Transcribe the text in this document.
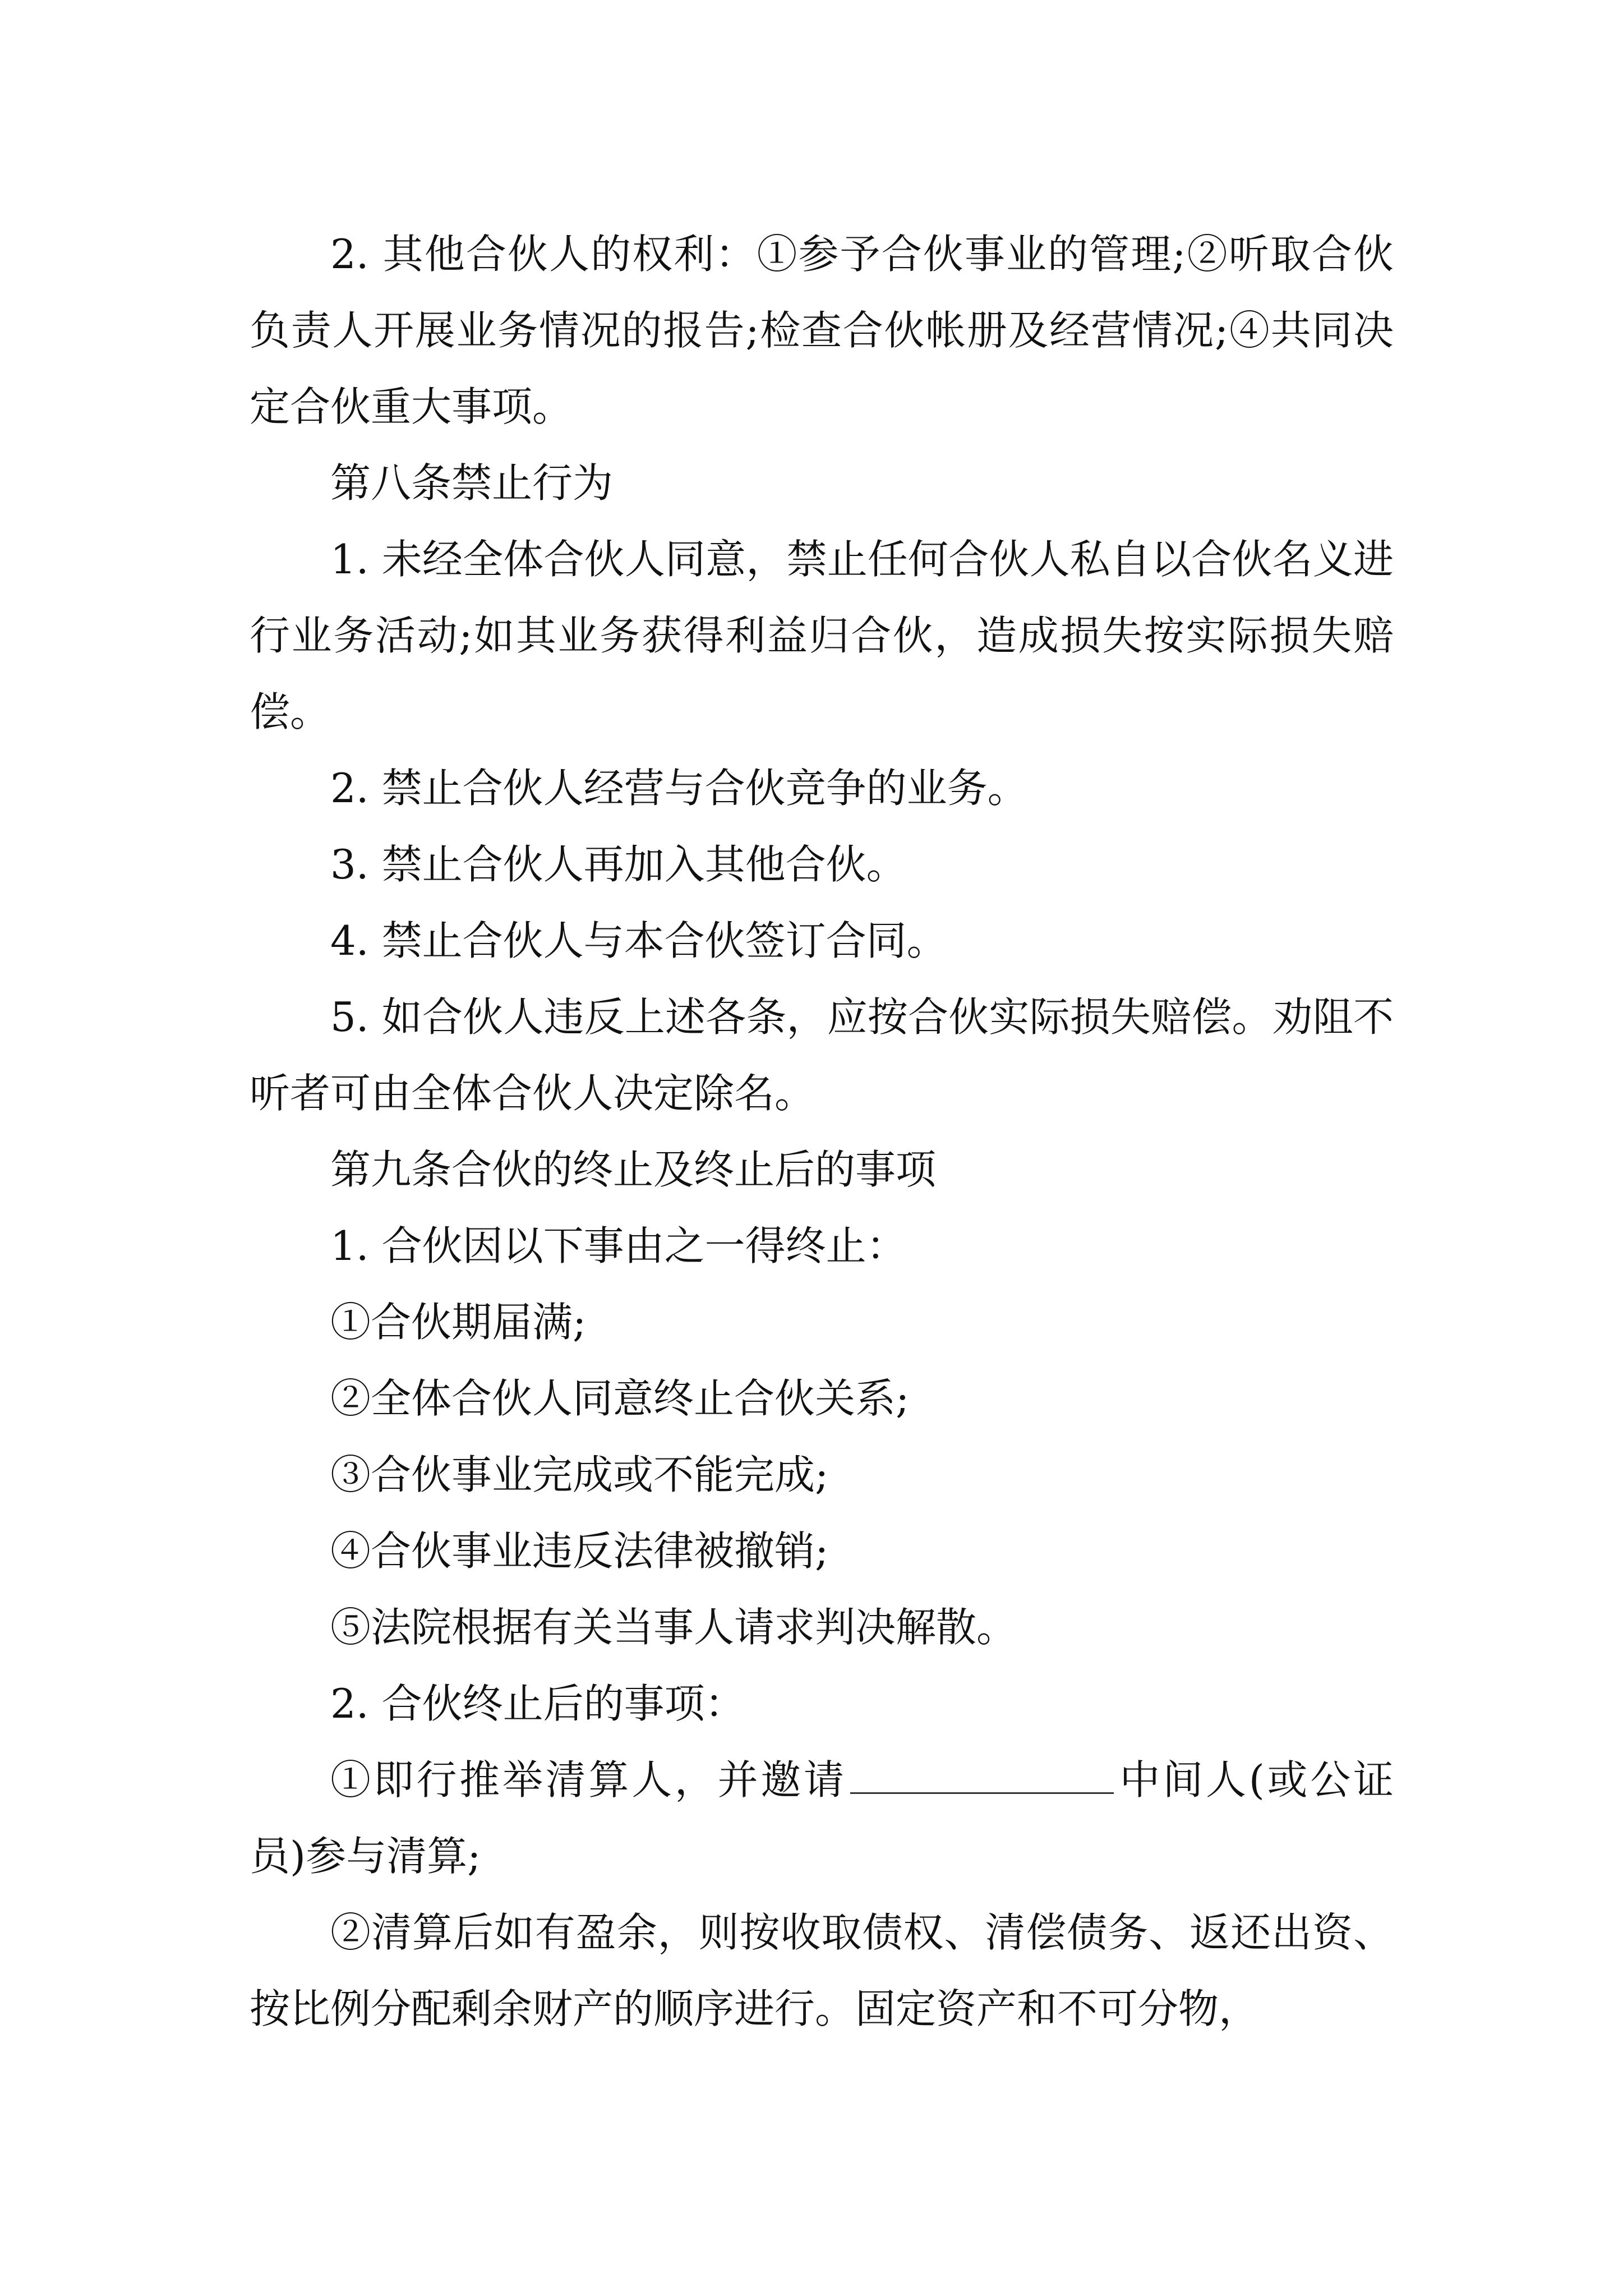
2. 其他合伙人的权利：①参予合伙事业的管理;②听取合伙负责人开展业务情况的报告;检查合伙帐册及经营情况;④共同决定合伙重大事项。

第八条禁止行为

1. 未经全体合伙人同意，禁止任何合伙人私自以合伙名义进行业务活动;如其业务获得利益归合伙，造成损失按实际损失赔偿。

2. 禁止合伙人经营与合伙竞争的业务。

3. 禁止合伙人再加入其他合伙。

4. 禁止合伙人与本合伙签订合同。

5. 如合伙人违反上述各条，应按合伙实际损失赔偿。劝阻不听者可由全体合伙人决定除名。

第九条合伙的终止及终止后的事项

1. 合伙因以下事由之一得终止：

①合伙期届满;

②全体合伙人同意终止合伙关系;

③合伙事业完成或不能完成;

④合伙事业违反法律被撤销;

⑤法院根据有关当事人请求判决解散。

2. 合伙终止后的事项：

①即行推举清算人，并邀请	中间人(或公证员)参与清算;

②清算后如有盈余，则按收取债权、清偿债务、返还出资、按比例分配剩余财产的顺序进行。固定资产和不可分物，
